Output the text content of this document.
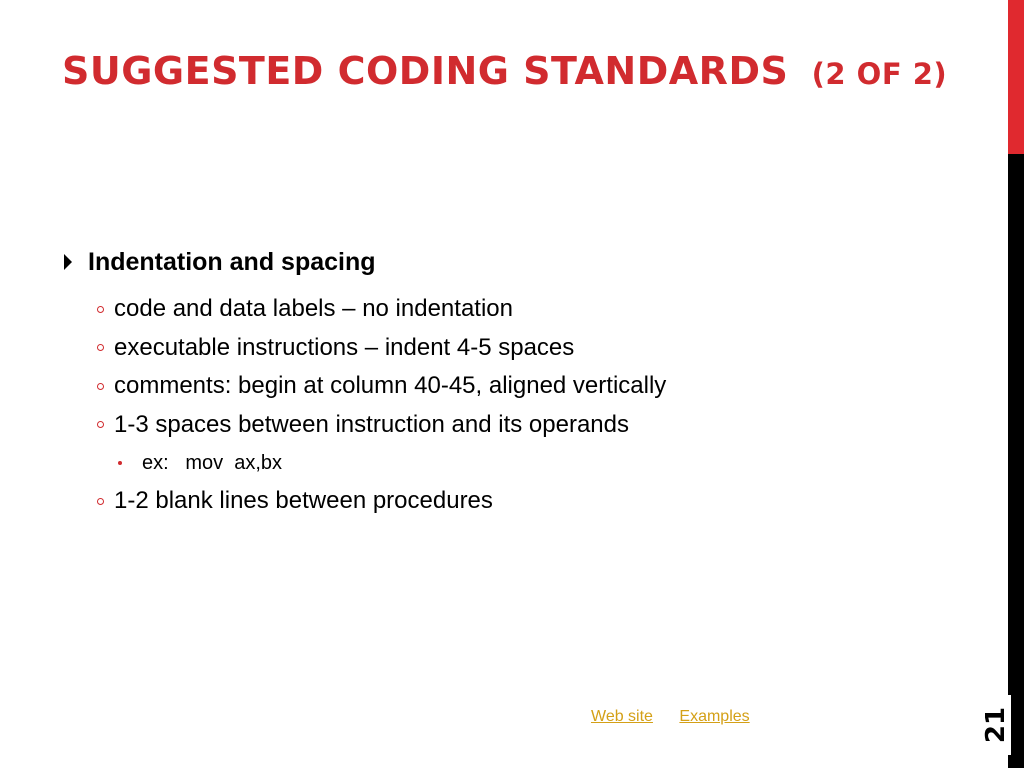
SUGGESTED CODING STANDARDS (2 OF 2)
Indentation and spacing
code and data labels – no indentation
executable instructions – indent 4-5 spaces
comments: begin at column 40-45, aligned vertically
1-3 spaces between instruction and its operands
ex:   mov  ax,bx
1-2 blank lines between procedures
Web site Examples	21
